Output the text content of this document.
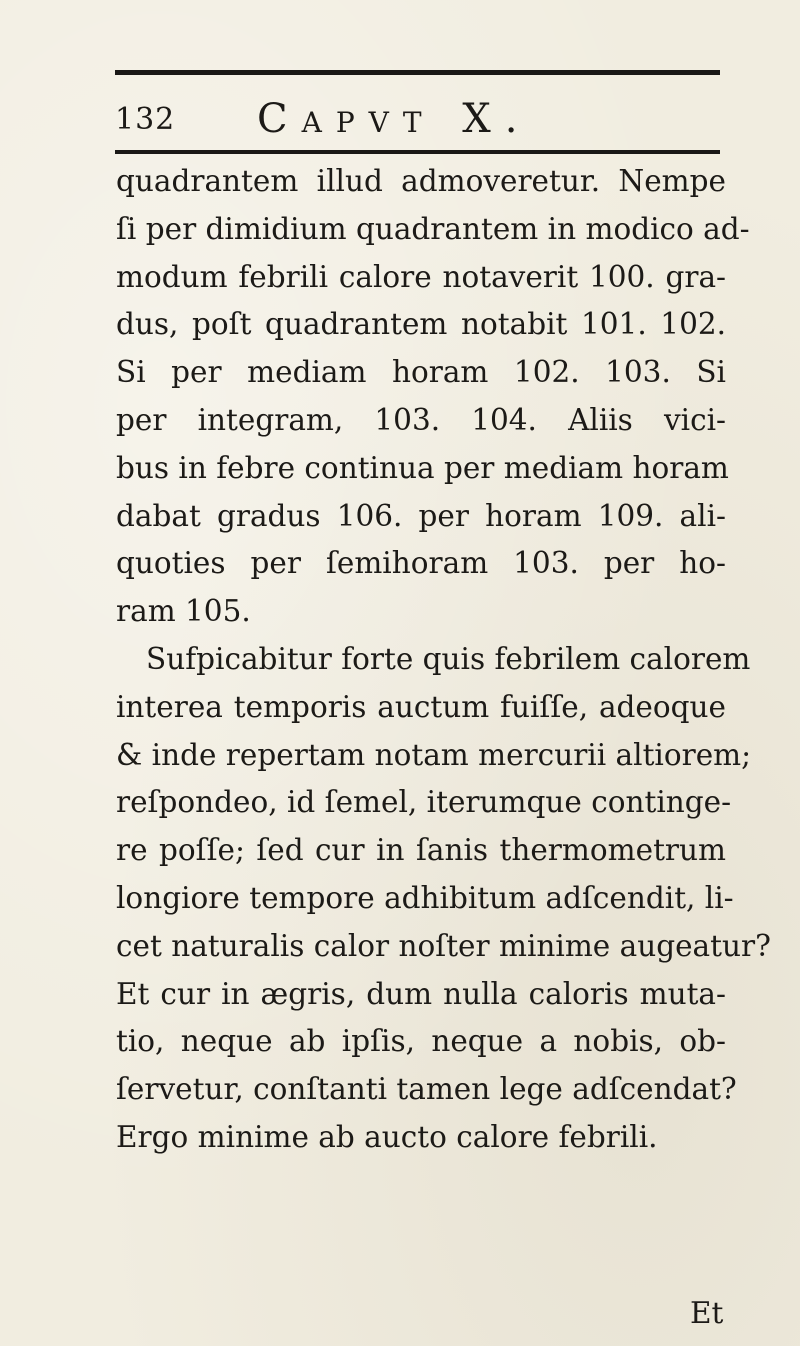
132 Capvt X.
quadrantem illud admoveretur. Nempe
ſi per dimidium quadrantem in modico ad-
modum febrili calore notaverit 100. gra-
dus, poſt quadrantem notabit 101. 102.
Si per mediam horam 102. 103. Si
per integram, 103. 104. Aliis vici-
bus in febre continua per mediam horam
dabat gradus 106. per horam 109. ali-
quoties per ſemihoram 103. per ho-
ram 105.
Sufpicabitur forte quis febrilem calorem
interea temporis auctum fuiſſe, adeoque
& inde repertam notam mercurii altiorem;
reſpondeo, id ſemel, iterumque continge-
re poſſe; ſed cur in ſanis thermometrum
longiore tempore adhibitum adſcendit, li-
cet naturalis calor noſter minime augeatur?
Et cur in ægris, dum nulla caloris muta-
tio, neque ab ipſis, neque a nobis, ob-
ſervetur, conſtanti tamen lege adſcendat?
Ergo minime ab aucto calore febrili.
Et
